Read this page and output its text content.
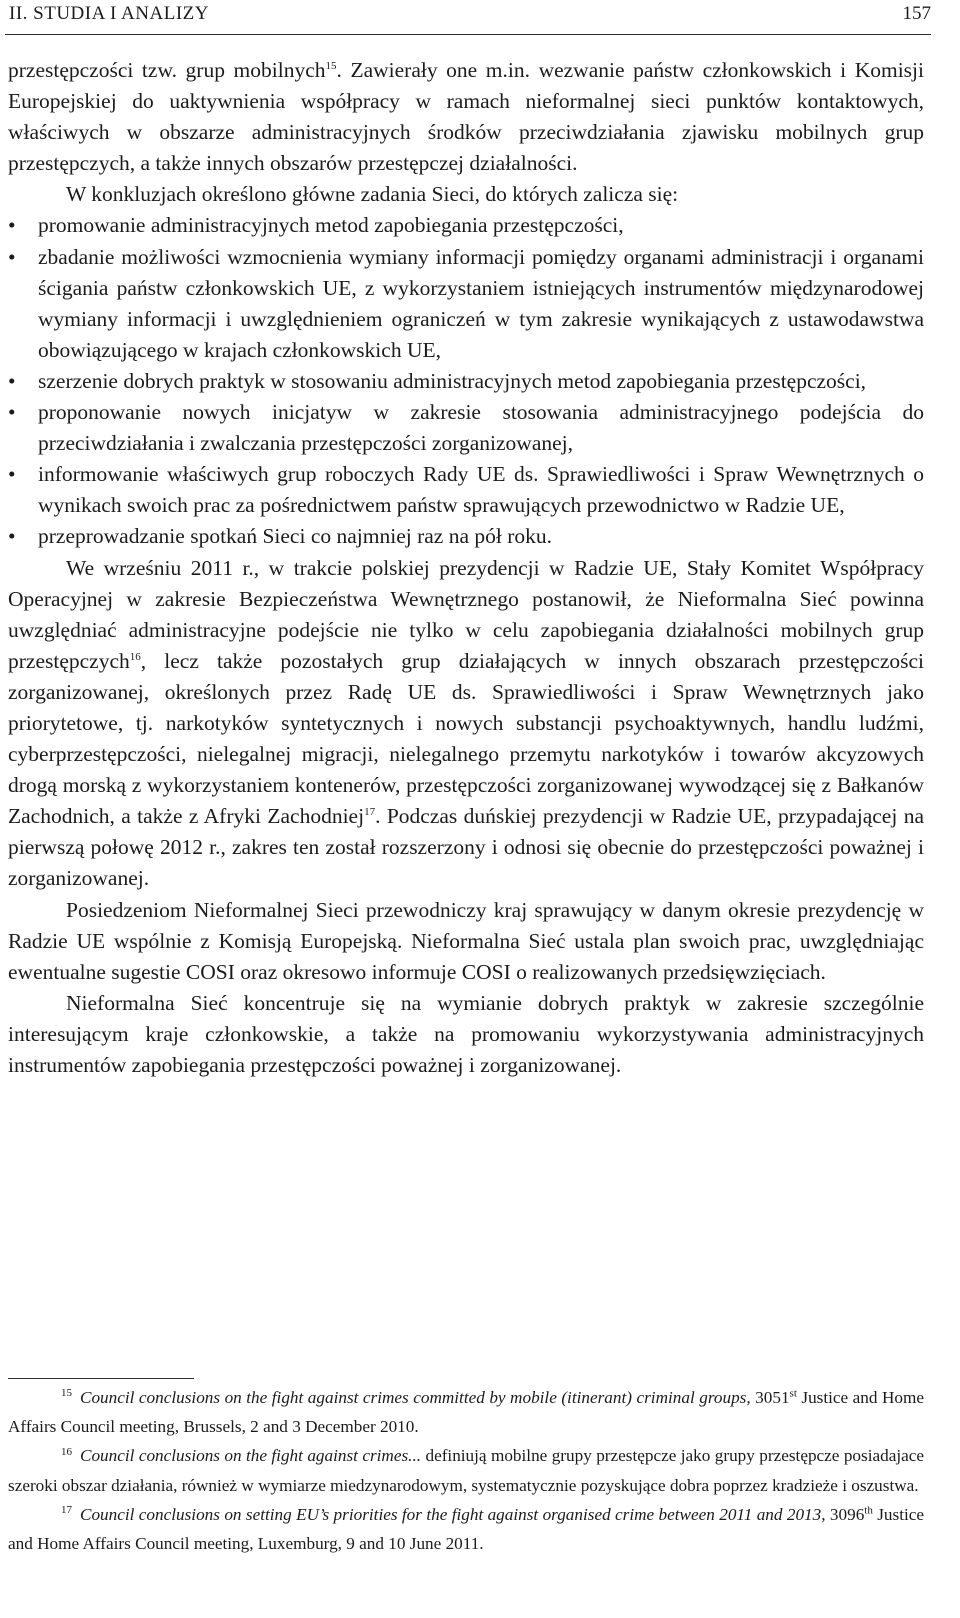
II. STUDIA I ANALIZY	157

przestępczości tzw. grup mobilnych$^{15}$. Zawierały one m.in. wezwanie państw członkowskich i Komisji Europejskiej do uaktywnienia współpracy w ramach nieformalnej sieci punktów kontaktowych, właściwych w obszarze administracyjnych środków przeciwdziałania zjawisku mobilnych grup przestępczych, a także innych obszarów przestępczej działalności.

W konkluzjach określono główne zadania Sieci, do których zalicza się:

• promowanie administracyjnych metod zapobiegania przestępczości,
• zbadanie możliwości wzmocnienia wymiany informacji pomiędzy organami administracji i organami ścigania państw członkowskich UE, z wykorzystaniem istniejących instrumentów międzynarodowej wymiany informacji i uwzględnieniem ograniczeń w tym zakresie wynikających z ustawodawstwa obowiązującego w krajach członkowskich UE,
• szerzenie dobrych praktyk w stosowaniu administracyjnych metod zapobiegania przestępczości,
• proponowanie nowych inicjatyw w zakresie stosowania administracyjnego podejścia do przeciwdziałania i zwalczania przestępczości zorganizowanej,
• informowanie właściwych grup roboczych Rady UE ds. Sprawiedliwości i Spraw Wewnętrznych o wynikach swoich prac za pośrednictwem państw sprawujących przewodnictwo w Radzie UE,
• przeprowadzanie spotkań Sieci co najmniej raz na pół roku.

We wrześniu 2011 r., w trakcie polskiej prezydencji w Radzie UE, Stały Komitet Współpracy Operacyjnej w zakresie Bezpieczeństwa Wewnętrznego postanowił, że Nieformalna Sieć powinna uwzględniać administracyjne podejście nie tylko w celu zapobiegania działalności mobilnych grup przestępczych$^{16}$, lecz także pozostałych grup działających w innych obszarach przestępczości zorganizowanej, określonych przez Radę UE ds. Sprawiedliwości i Spraw Wewnętrznych jako priorytetowe, tj. narkotyków syntetycznych i nowych substancji psychoaktywnych, handlu ludźmi, cyberprzestępczości, nielegalnej migracji, nielegalnego przemytu narkotyków i towarów akcyzowych drogą morską z wykorzystaniem kontenerów, przestępczości zorganizowanej wywodzącej się z Bałkanów Zachodnich, a także z Afryki Zachodniej$^{17}$. Podczas duńskiej prezydencji w Radzie UE, przypadającej na pierwszą połowę 2012 r., zakres ten został rozszerzony i odnosi się obecnie do przestępczości poważnej i zorganizowanej.

Posiedzeniom Nieformalnej Sieci przewodniczy kraj sprawujący w danym okresie prezydencję w Radzie UE wspólnie z Komisją Europejską. Nieformalna Sieć ustala plan swoich prac, uwzględniając ewentualne sugestie COSI oraz okresowo informuje COSI o realizowanych przedsięwzięciach.

Nieformalna Sieć koncentruje się na wymianie dobrych praktyk w zakresie szczególnie interesującym kraje członkowskie, a także na promowaniu wykorzystywania administracyjnych instrumentów zapobiegania przestępczości poważnej i zorganizowanej.

$^{15}$ Council conclusions on the fight against crimes committed by mobile (itinerant) criminal groups, 3051st Justice and Home Affairs Council meeting, Brussels, 2 and 3 December 2010.

$^{16}$ Council conclusions on the fight against crimes... definiują mobilne grupy przestępcze jako grupy przestępcze posiadajace szeroki obszar działania, również w wymiarze miedzynarodowym, systematycznie pozyskujące dobra poprzez kradzieże i oszustwa.

$^{17}$ Council conclusions on setting EU’s priorities for the fight against organised crime between 2011 and 2013, 3096th Justice and Home Affairs Council meeting, Luxemburg, 9 and 10 June 2011.
